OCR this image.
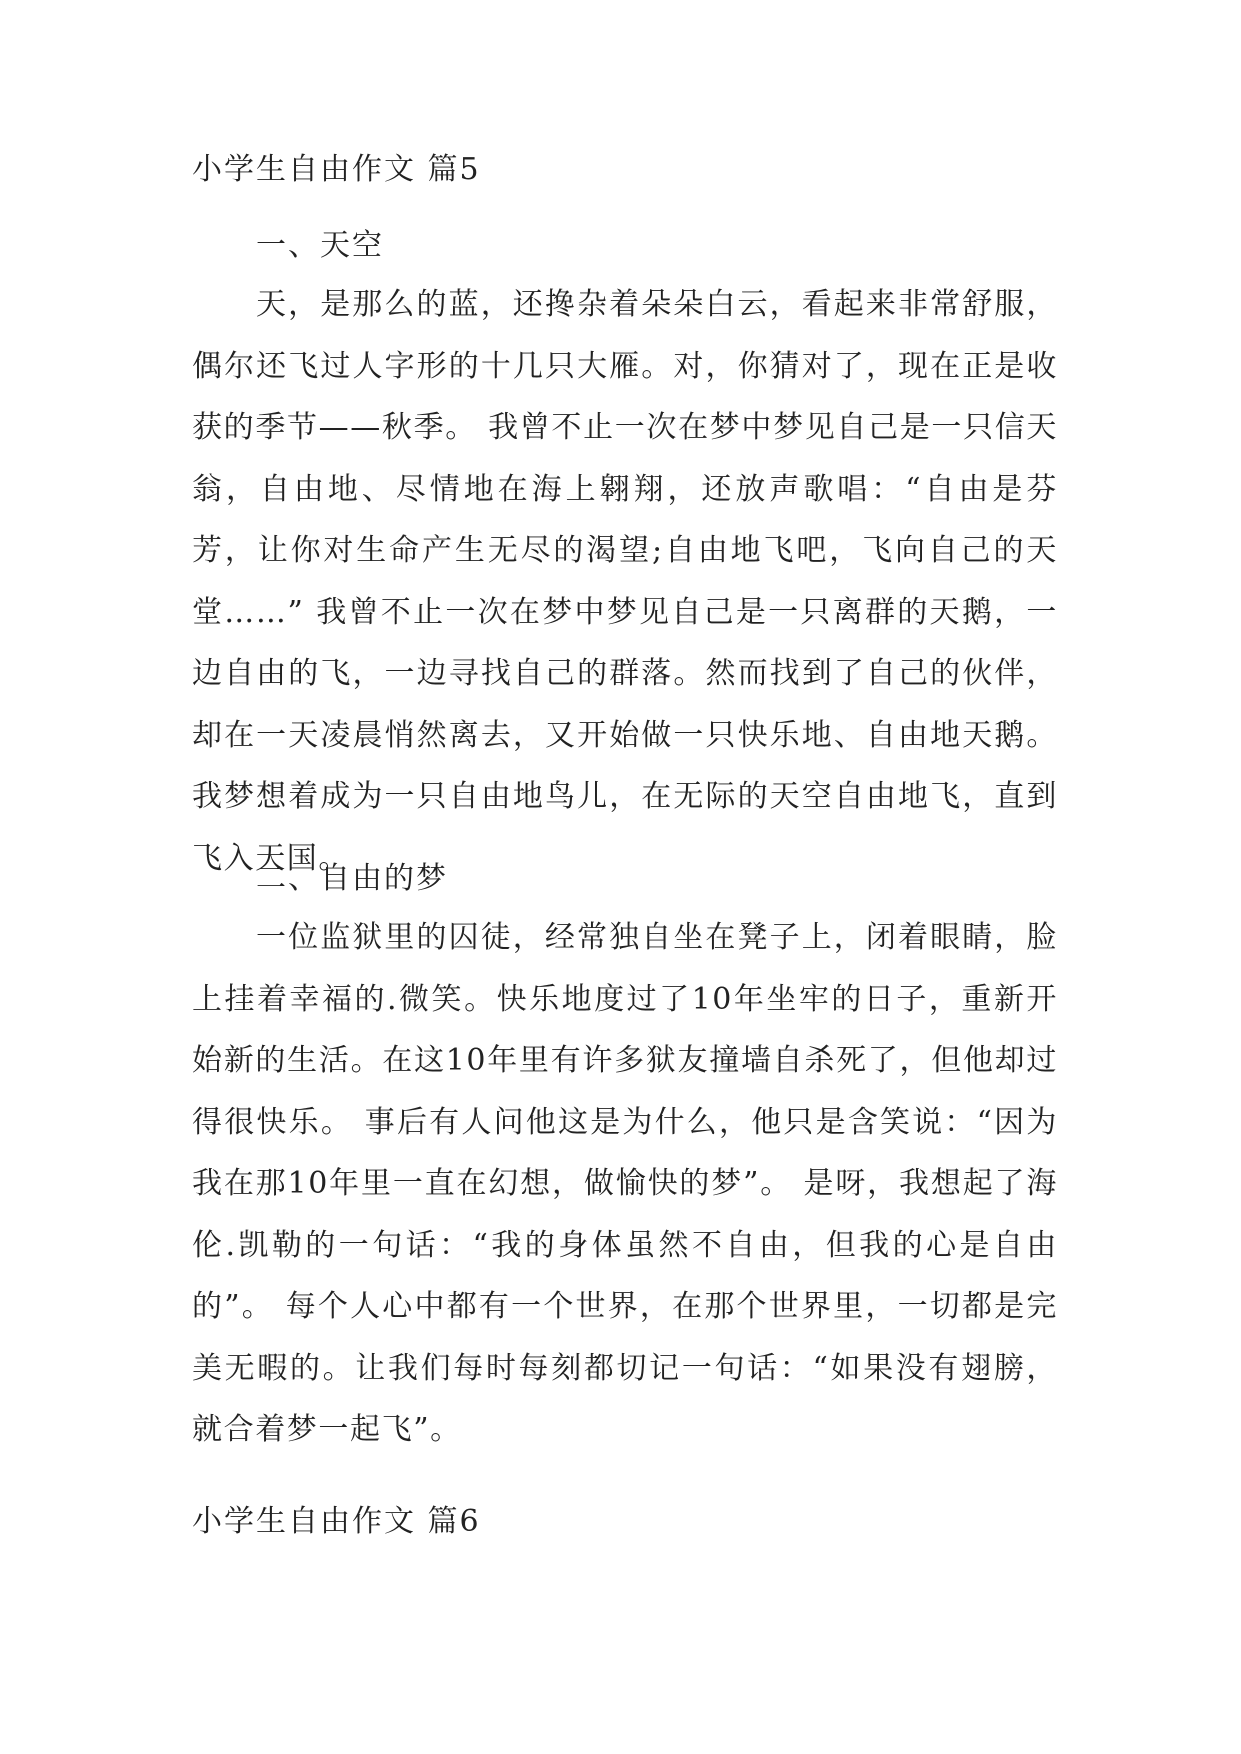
小学生自由作文 篇5
一、天空

天，是那么的蓝，还搀杂着朵朵白云，看起来非常舒服，偶尔还飞过人字形的十几只大雁。对，你猜对了，现在正是收获的季节——秋季。 我曾不止一次在梦中梦见自己是一只信天翁，自由地、尽情地在海上翱翔，还放声歌唱：“自由是芬芳，让你对生命产生无尽的渴望;自由地飞吧，飞向自己的天堂……” 我曾不止一次在梦中梦见自己是一只离群的天鹅，一边自由的飞，一边寻找自己的群落。然而找到了自己的伙伴，却在一天凌晨悄然离去，又开始做一只快乐地、自由地天鹅。 我梦想着成为一只自由地鸟儿，在无际的天空自由地飞，直到飞入天国。

二、自由的梦

一位监狱里的囚徒，经常独自坐在凳子上，闭着眼睛，脸上挂着幸福的.微笑。快乐地度过了10年坐牢的日子，重新开始新的生活。在这10年里有许多狱友撞墙自杀死了，但他却过得很快乐。 事后有人问他这是为什么，他只是含笑说：“因为我在那10年里一直在幻想，做愉快的梦”。 是呀，我想起了海伦.凯勒的一句话：“我的身体虽然不自由，但我的心是自由的”。 每个人心中都有一个世界，在那个世界里，一切都是完美无暇的。让我们每时每刻都切记一句话：“如果没有翅膀，就合着梦一起飞”。

小学生自由作文 篇6
